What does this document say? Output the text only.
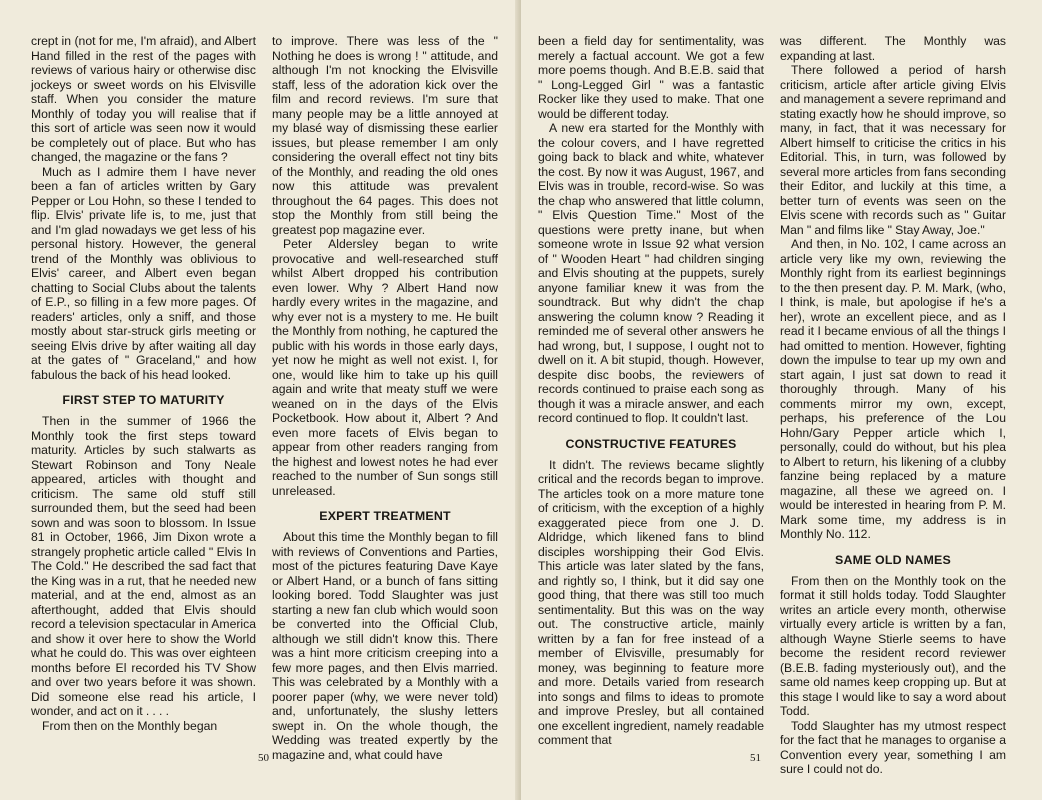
crept in (not for me, I'm afraid), and Albert Hand filled in the rest of the pages with reviews of various hairy or otherwise disc jockeys or sweet words on his Elvisville staff. When you consider the mature Monthly of today you will realise that if this sort of article was seen now it would be completely out of place. But who has changed, the magazine or the fans ?

Much as I admire them I have never been a fan of articles written by Gary Pepper or Lou Hohn, so these I tended to flip. Elvis' private life is, to me, just that and I'm glad nowadays we get less of his personal history. However, the general trend of the Monthly was oblivious to Elvis' career, and Albert even began chatting to Social Clubs about the talents of E.P., so filling in a few more pages. Of readers' articles, only a sniff, and those mostly about star-struck girls meeting or seeing Elvis drive by after waiting all day at the gates of " Graceland," and how fabulous the back of his head looked.

FIRST STEP TO MATURITY

Then in the summer of 1966 the Monthly took the first steps toward maturity. Articles by such stalwarts as Stewart Robinson and Tony Neale appeared, articles with thought and criticism. The same old stuff still surrounded them, but the seed had been sown and was soon to blossom. In Issue 81 in October, 1966, Jim Dixon wrote a strangely prophetic article called " Elvis In The Cold." He described the sad fact that the King was in a rut, that he needed new material, and at the end, almost as an afterthought, added that Elvis should record a television spectacular in America and show it over here to show the World what he could do. This was over eighteen months before El recorded his TV Show and over two years before it was shown. Did someone else read his article, I wonder, and act on it . . . .

From then on the Monthly began

to improve. There was less of the " Nothing he does is wrong ! " attitude, and although I'm not knocking the Elvisville staff, less of the adoration kick over the film and record reviews. I'm sure that many people may be a little annoyed at my blasé way of dismissing these earlier issues, but please remember I am only considering the overall effect not tiny bits of the Monthly, and reading the old ones now this attitude was prevalent throughout the 64 pages. This does not stop the Monthly from still being the greatest pop magazine ever.

Peter Aldersley began to write provocative and well-researched stuff whilst Albert dropped his contribution even lower. Why ? Albert Hand now hardly every writes in the magazine, and why ever not is a mystery to me. He built the Monthly from nothing, he captured the public with his words in those early days, yet now he might as well not exist. I, for one, would like him to take up his quill again and write that meaty stuff we were weaned on in the days of the Elvis Pocketbook. How about it, Albert ? And even more facets of Elvis began to appear from other readers ranging from the highest and lowest notes he had ever reached to the number of Sun songs still unreleased.

EXPERT TREATMENT

About this time the Monthly began to fill with reviews of Conventions and Parties, most of the pictures featuring Dave Kaye or Albert Hand, or a bunch of fans sitting looking bored. Todd Slaughter was just starting a new fan club which would soon be converted into the Official Club, although we still didn't know this. There was a hint more criticism creeping into a few more pages, and then Elvis married. This was celebrated by a Monthly with a poorer paper (why, we were never told) and, unfortunately, the slushy letters swept in. On the whole though, the Wedding was treated expertly by the magazine and, what could have

50	51

been a field day for sentimentality, was merely a factual account. We got a few more poems though. And B.E.B. said that " Long-Legged Girl " was a fantastic Rocker like they used to make. That one would be different today.

A new era started for the Monthly with the colour covers, and I have regretted going back to black and white, whatever the cost. By now it was August, 1967, and Elvis was in trouble, record-wise. So was the chap who answered that little column, " Elvis Question Time." Most of the questions were pretty inane, but when someone wrote in Issue 92 what version of " Wooden Heart " had children singing and Elvis shouting at the puppets, surely anyone familiar knew it was from the soundtrack. But why didn't the chap answering the column know ? Reading it reminded me of several other answers he had wrong, but, I suppose, I ought not to dwell on it. A bit stupid, though. However, despite disc boobs, the reviewers of records continued to praise each song as though it was a miracle answer, and each record continued to flop. It couldn't last.

CONSTRUCTIVE FEATURES

It didn't. The reviews became slightly critical and the records began to improve. The articles took on a more mature tone of criticism, with the exception of a highly exaggerated piece from one J. D. Aldridge, which likened fans to blind disciples worshipping their God Elvis. This article was later slated by the fans, and rightly so, I think, but it did say one good thing, that there was still too much sentimentality. But this was on the way out. The constructive article, mainly written by a fan for free instead of a member of Elvisville, presumably for money, was beginning to feature more and more. Details varied from research into songs and films to ideas to promote and improve Presley, but all contained one excellent ingredient, namely readable comment that

was different. The Monthly was expanding at last.

There followed a period of harsh criticism, article after article giving Elvis and management a severe reprimand and stating exactly how he should improve, so many, in fact, that it was necessary for Albert himself to criticise the critics in his Editorial. This, in turn, was followed by several more articles from fans seconding their Editor, and luckily at this time, a better turn of events was seen on the Elvis scene with records such as " Guitar Man " and films like " Stay Away, Joe."

And then, in No. 102, I came across an article very like my own, reviewing the Monthly right from its earliest beginnings to the then present day. P. M. Mark, (who, I think, is male, but apologise if he's a her), wrote an excellent piece, and as I read it I became envious of all the things I had omitted to mention. However, fighting down the impulse to tear up my own and start again, I just sat down to read it thoroughly through. Many of his comments mirror my own, except, perhaps, his preference of the Lou Hohn/Gary Pepper article which I, personally, could do without, but his plea to Albert to return, his likening of a clubby fanzine being replaced by a mature magazine, all these we agreed on. I would be interested in hearing from P. M. Mark some time, my address is in Monthly No. 112.

SAME OLD NAMES

From then on the Monthly took on the format it still holds today. Todd Slaughter writes an article every month, otherwise virtually every article is written by a fan, although Wayne Stierle seems to have become the resident record reviewer (B.E.B. fading mysteriously out), and the same old names keep cropping up. But at this stage I would like to say a word about Todd.

Todd Slaughter has my utmost respect for the fact that he manages to organise a Convention every year, something I am sure I could not do.
